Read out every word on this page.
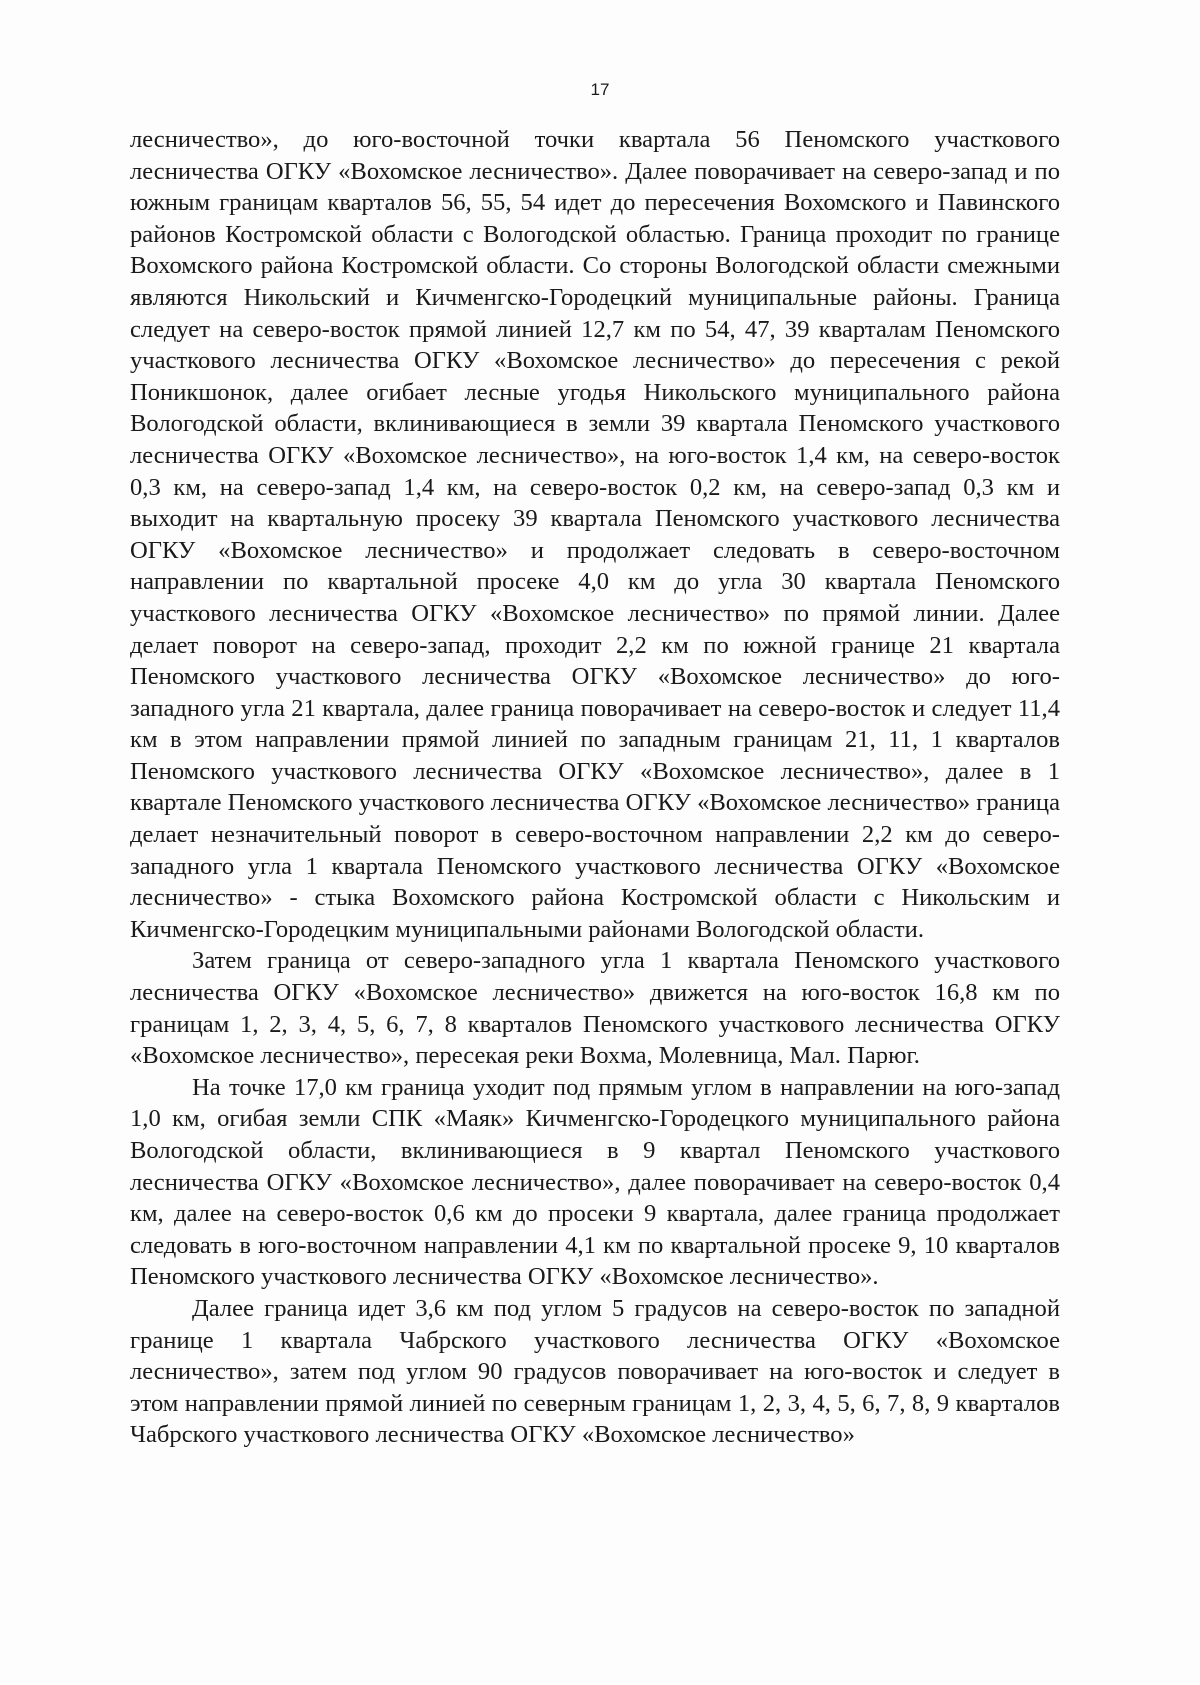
17

лесничество», до юго-восточной точки квартала 56 Пеномского участкового лесничества ОГКУ «Вохомское лесничество». Далее поворачивает на северо-запад и по южным границам кварталов 56, 55, 54 идет до пересечения Вохомского и Павинского районов Костромской области с Вологодской областью. Граница проходит по границе Вохомского района Костромской области. Со стороны Вологодской области смежными являются Никольский и Кичменгско-Городецкий муниципальные районы. Граница следует на северо-восток прямой линией 12,7 км по 54, 47, 39 кварталам Пеномского участкового лесничества ОГКУ «Вохомское лесничество» до пересечения с рекой Поникшонок, далее огибает лесные угодья Никольского муниципального района Вологодской области, вклинивающиеся в земли 39 квартала Пеномского участкового лесничества ОГКУ «Вохомское лесничество», на юго-восток 1,4 км, на северо-восток 0,3 км, на северо-запад 1,4 км, на северо-восток 0,2 км, на северо-запад 0,3 км и выходит на квартальную просеку 39 квартала Пеномского участкового лесничества ОГКУ «Вохомское лесничество» и продолжает следовать в северо-восточном направлении по квартальной просеке 4,0 км до угла 30 квартала Пеномского участкового лесничества ОГКУ «Вохомское лесничество» по прямой линии. Далее делает поворот на северо-запад, проходит 2,2 км по южной границе 21 квартала Пеномского участкового лесничества ОГКУ «Вохомское лесничество» до юго-западного угла 21 квартала, далее граница поворачивает на северо-восток и следует 11,4 км в этом направлении прямой линией по западным границам 21, 11, 1 кварталов Пеномского участкового лесничества ОГКУ «Вохомское лесничество», далее в 1 квартале Пеномского участкового лесничества ОГКУ «Вохомское лесничество» граница делает незначительный поворот в северо-восточном направлении 2,2 км до северо-западного угла 1 квартала Пеномского участкового лесничества ОГКУ «Вохомское лесничество» - стыка Вохомского района Костромской области с Никольским и Кичменгско-Городецким муниципальными районами Вологодской области.

Затем граница от северо-западного угла 1 квартала Пеномского участкового лесничества ОГКУ «Вохомское лесничество» движется на юго-восток 16,8 км по границам 1, 2, 3, 4, 5, 6, 7, 8 кварталов Пеномского участкового лесничества ОГКУ «Вохомское лесничество», пересекая реки Вохма, Молевница, Мал. Парюг.

На точке 17,0 км граница уходит под прямым углом в направлении на юго-запад 1,0 км, огибая земли СПК «Маяк» Кичменгско-Городецкого муниципального района Вологодской области, вклинивающиеся в 9 квартал Пеномского участкового лесничества ОГКУ «Вохомское лесничество», далее поворачивает на северо-восток 0,4 км, далее на северо-восток 0,6 км до просеки 9 квартала, далее граница продолжает следовать в юго-восточном направлении 4,1 км по квартальной просеке 9, 10 кварталов Пеномского участкового лесничества ОГКУ «Вохомское лесничество».

Далее граница идет 3,6 км под углом 5 градусов на северо-восток по западной границе 1 квартала Чабрского участкового лесничества ОГКУ «Вохомское лесничество», затем под углом 90 градусов поворачивает на юго-восток и следует в этом направлении прямой линией по северным границам 1, 2, 3, 4, 5, 6, 7, 8, 9 кварталов Чабрского участкового лесничества ОГКУ «Вохомское лесничество»
